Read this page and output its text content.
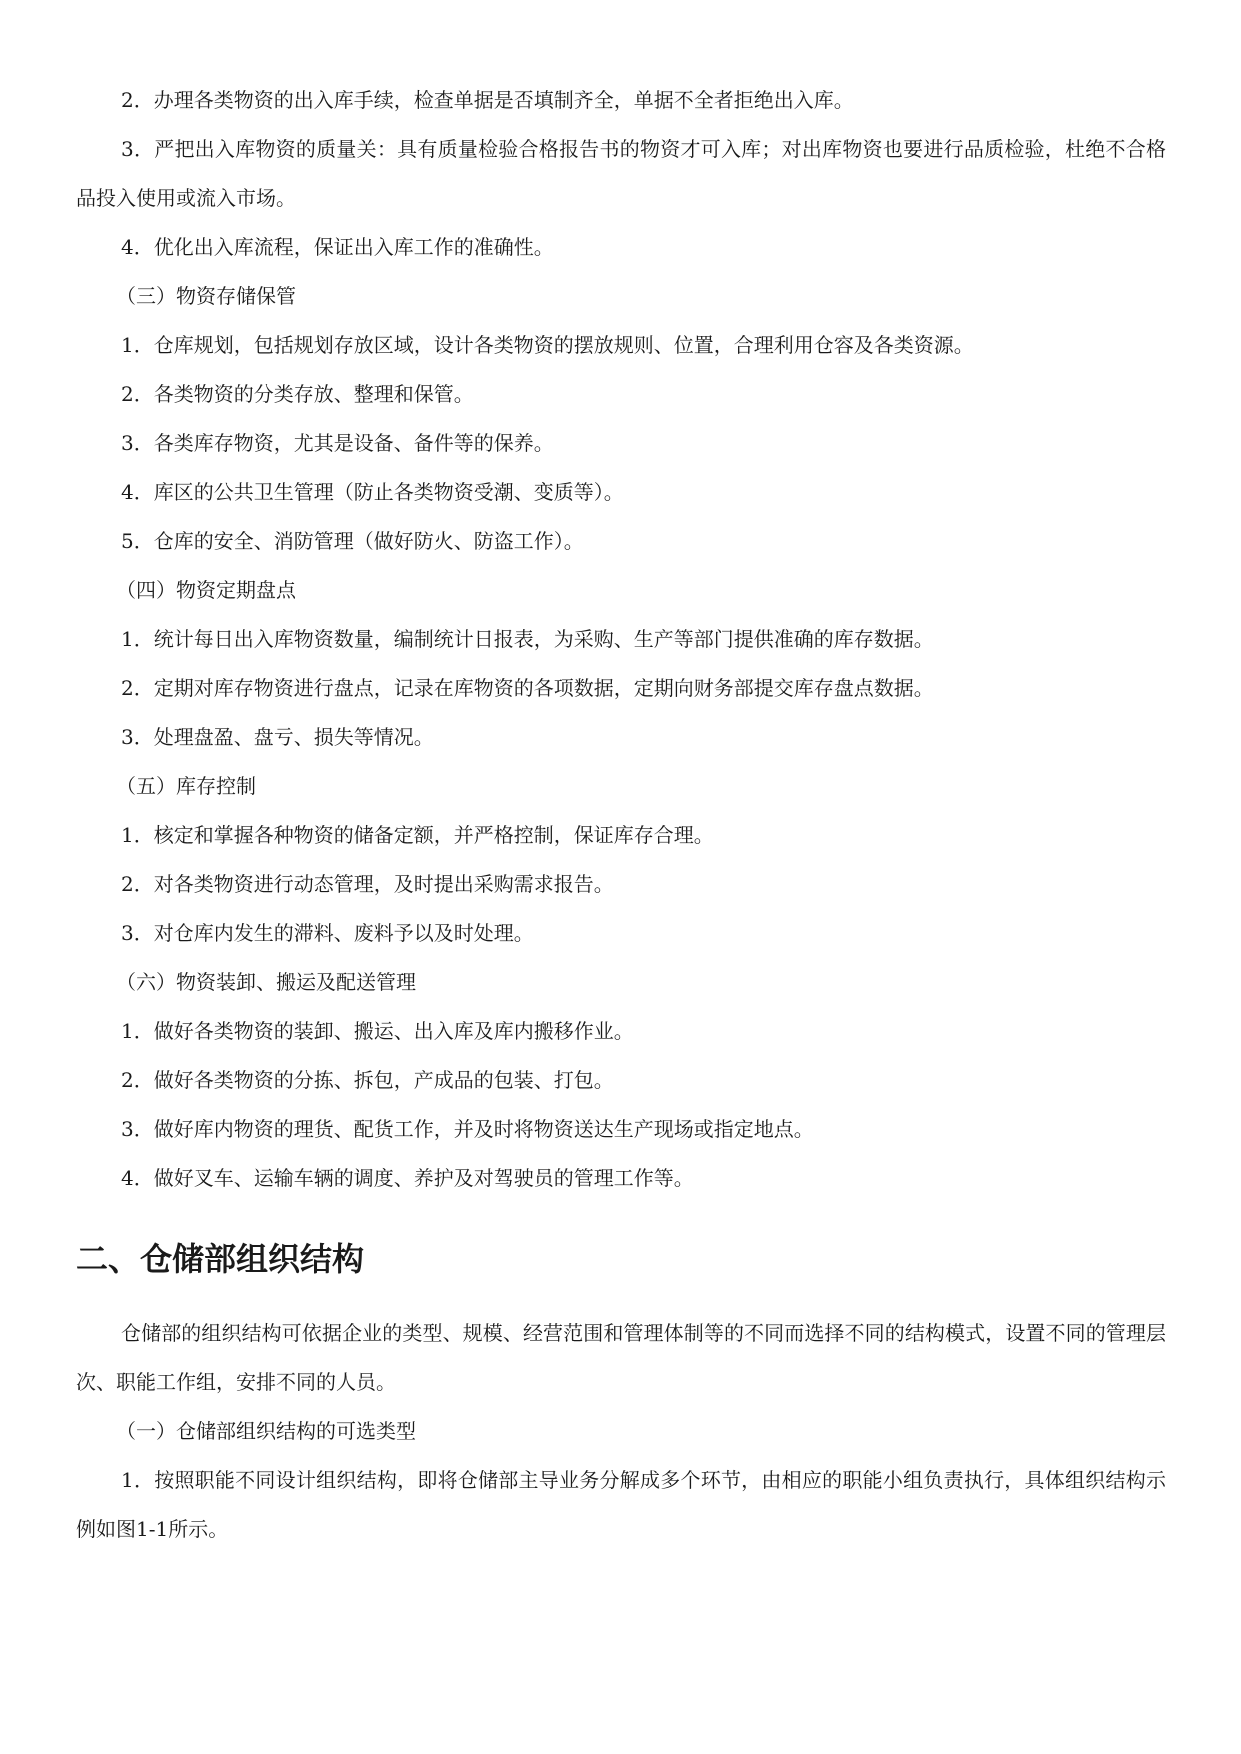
2．办理各类物资的出入库手续，检查单据是否填制齐全，单据不全者拒绝出入库。

3．严把出入库物资的质量关：具有质量检验合格报告书的物资才可入库；对出库物资也要进行品质检验，杜绝不合格品投入使用或流入市场。

4．优化出入库流程，保证出入库工作的准确性。
（三）物资存储保管
1．仓库规划，包括规划存放区域，设计各类物资的摆放规则、位置，合理利用仓容及各类资源。
2．各类物资的分类存放、整理和保管。
3．各类库存物资，尤其是设备、备件等的保养。
4．库区的公共卫生管理（防止各类物资受潮、变质等）。
5．仓库的安全、消防管理（做好防火、防盗工作）。
（四）物资定期盘点
1．统计每日出入库物资数量，编制统计日报表，为采购、生产等部门提供准确的库存数据。
2．定期对库存物资进行盘点，记录在库物资的各项数据，定期向财务部提交库存盘点数据。
3．处理盘盈、盘亏、损失等情况。
（五）库存控制
1．核定和掌握各种物资的储备定额，并严格控制，保证库存合理。
2．对各类物资进行动态管理，及时提出采购需求报告。
3．对仓库内发生的滞料、废料予以及时处理。
（六）物资装卸、搬运及配送管理
1．做好各类物资的装卸、搬运、出入库及库内搬移作业。
2．做好各类物资的分拣、拆包，产成品的包装、打包。
3．做好库内物资的理货、配货工作，并及时将物资送达生产现场或指定地点。
4．做好叉车、运输车辆的调度、养护及对驾驶员的管理工作等。
二、仓储部组织结构

仓储部的组织结构可依据企业的类型、规模、经营范围和管理体制等的不同而选择不同的结构模式，设置不同的管理层次、职能工作组，安排不同的人员。

（一）仓储部组织结构的可选类型

1．按照职能不同设计组织结构，即将仓储部主导业务分解成多个环节，由相应的职能小组负责执行，具体组织结构示例如图1-1所示。
